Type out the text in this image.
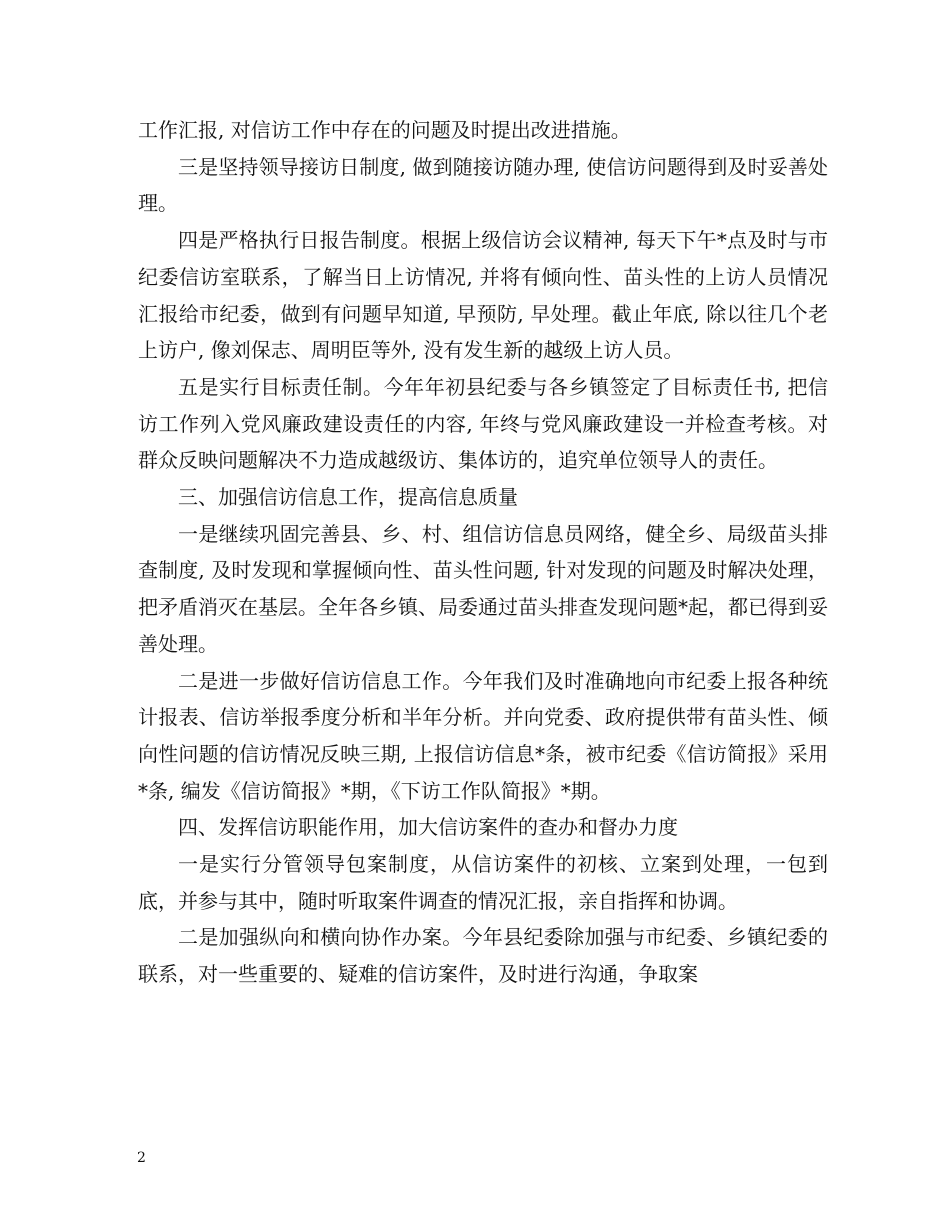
工作汇报, 对信访工作中存在的问题及时提出改进措施。

三是坚持领导接访日制度, 做到随接访随办理, 使信访问题得到及时妥善处理。

四是严格执行日报告制度。根据上级信访会议精神, 每天下午*点及时与市纪委信访室联系，了解当日上访情况, 并将有倾向性、苗头性的上访人员情况汇报给市纪委，做到有问题早知道, 早预防, 早处理。截止年底, 除以往几个老上访户, 像刘保志、周明臣等外, 没有发生新的越级上访人员。

五是实行目标责任制。今年年初县纪委与各乡镇签定了目标责任书, 把信访工作列入党风廉政建设责任的内容, 年终与党风廉政建设一并检查考核。对群众反映问题解决不力造成越级访、集体访的，追究单位领导人的责任。

三、加强信访信息工作，提高信息质量

一是继续巩固完善县、乡、村、组信访信息员网络，健全乡、局级苗头排查制度, 及时发现和掌握倾向性、苗头性问题, 针对发现的问题及时解决处理，把矛盾消灭在基层。全年各乡镇、局委通过苗头排查发现问题*起，都已得到妥善处理。

二是进一步做好信访信息工作。今年我们及时准确地向市纪委上报各种统计报表、信访举报季度分析和半年分析。并向党委、政府提供带有苗头性、倾向性问题的信访情况反映三期, 上报信访信息*条，被市纪委《信访简报》采用*条, 编发《信访简报》*期，《下访工作队简报》*期。

四、发挥信访职能作用，加大信访案件的查办和督办力度

一是实行分管领导包案制度，从信访案件的初核、立案到处理，一包到底，并参与其中，随时听取案件调查的情况汇报，亲自指挥和协调。

二是加强纵向和横向协作办案。今年县纪委除加强与市纪委、乡镇纪委的联系，对一些重要的、疑难的信访案件，及时进行沟通，争取案

2
